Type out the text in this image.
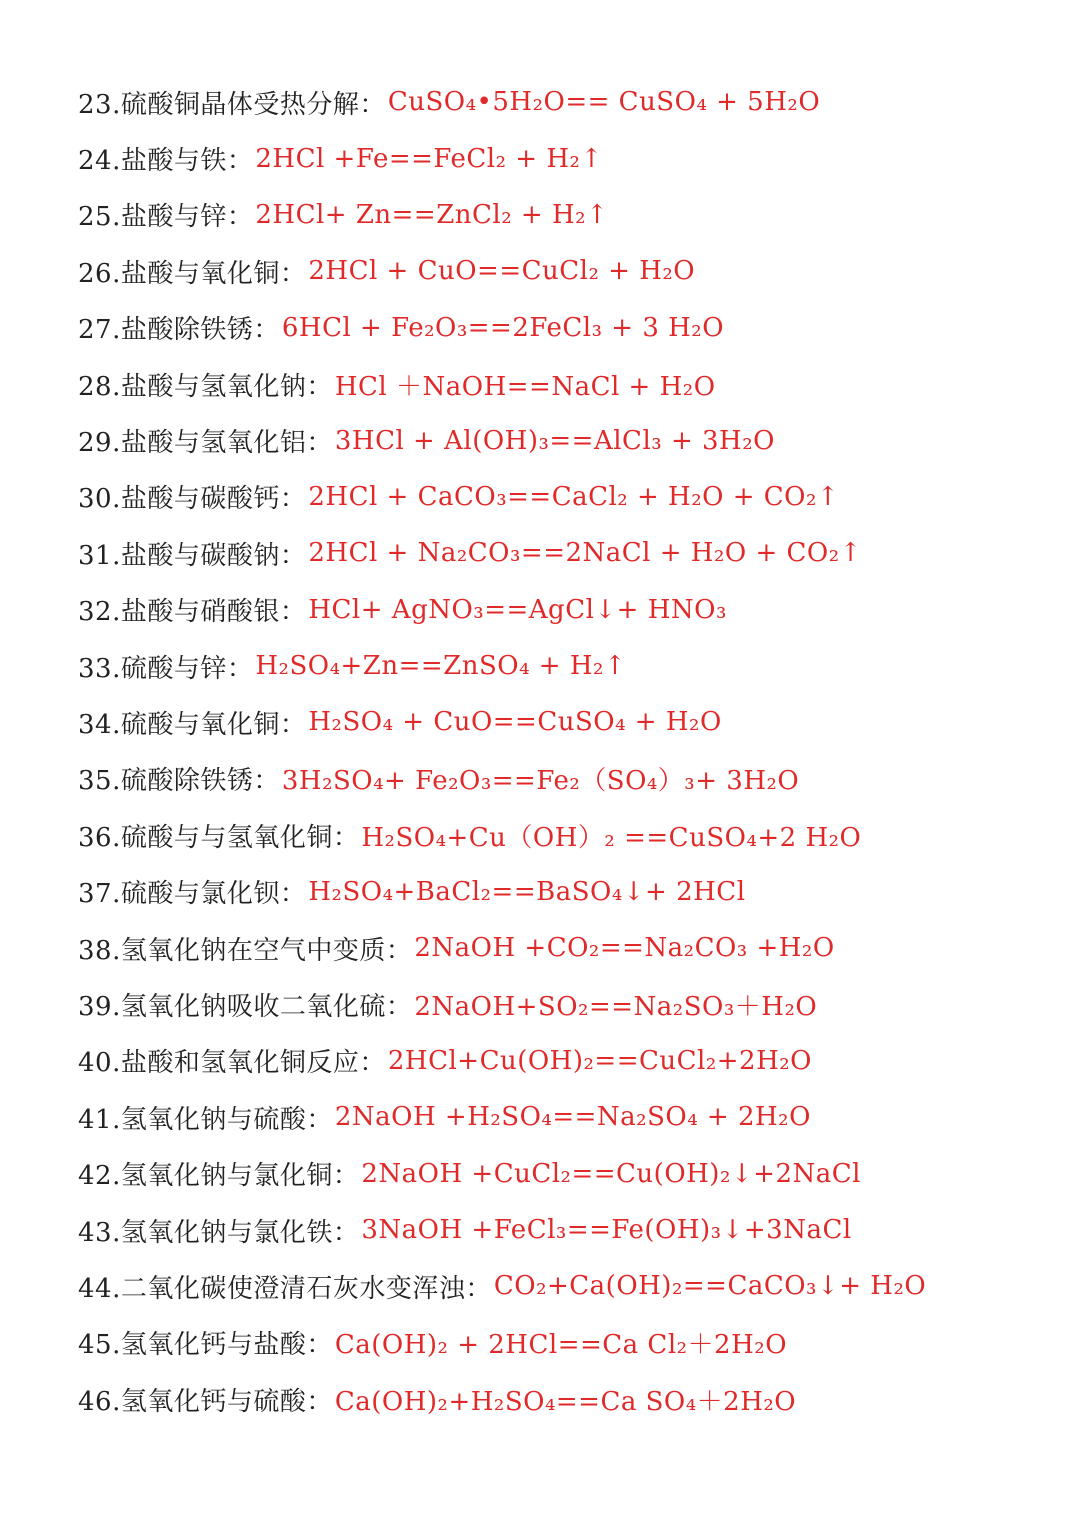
23.硫酸铜晶体受热分解： CuSO₄•5H₂O== CuSO₄ + 5H₂O
24.盐酸与铁： 2HCl +Fe==FeCl₂ + H₂↑
25.盐酸与锌： 2HCl+ Zn==ZnCl₂ + H₂↑
26.盐酸与氧化铜： 2HCl + CuO==CuCl₂ + H₂O
27.盐酸除铁锈： 6HCl + Fe₂O₃==2FeCl₃ + 3 H₂O
28.盐酸与氢氧化钠： HCl ＋NaOH==NaCl + H₂O
29.盐酸与氢氧化铝： 3HCl + Al(OH)₃==AlCl₃ + 3H₂O
30.盐酸与碳酸钙： 2HCl + CaCO₃==CaCl₂ + H₂O + CO₂↑
31.盐酸与碳酸钠： 2HCl + Na₂CO₃==2NaCl + H₂O + CO₂↑
32.盐酸与硝酸银： HCl+ AgNO₃==AgCl↓+ HNO₃
33.硫酸与锌： H₂SO₄+Zn==ZnSO₄ + H₂↑
34.硫酸与氧化铜： H₂SO₄ + CuO==CuSO₄ + H₂O
35.硫酸除铁锈： 3H₂SO₄+ Fe₂O₃==Fe₂（SO₄）₃+ 3H₂O
36.硫酸与与氢氧化铜： H₂SO₄+Cu（OH）₂ ==CuSO₄+2 H₂O
37.硫酸与氯化钡： H₂SO₄+BaCl₂==BaSO₄↓+ 2HCl
38.氢氧化钠在空气中变质： 2NaOH +CO₂==Na₂CO₃ +H₂O
39.氢氧化钠吸收二氧化硫： 2NaOH+SO₂==Na₂SO₃＋H₂O
40.盐酸和氢氧化铜反应： 2HCl+Cu(OH)₂==CuCl₂+2H₂O
41.氢氧化钠与硫酸： 2NaOH +H₂SO₄==Na₂SO₄ + 2H₂O
42.氢氧化钠与氯化铜： 2NaOH +CuCl₂==Cu(OH)₂↓+2NaCl
43.氢氧化钠与氯化铁： 3NaOH +FeCl₃==Fe(OH)₃↓+3NaCl
44.二氧化碳使澄清石灰水变浑浊： CO₂+Ca(OH)₂==CaCO₃↓+ H₂O
45.氢氧化钙与盐酸： Ca(OH)₂ + 2HCl==Ca Cl₂＋2H₂O
46.氢氧化钙与硫酸： Ca(OH)₂+H₂SO₄==Ca SO₄＋2H₂O
